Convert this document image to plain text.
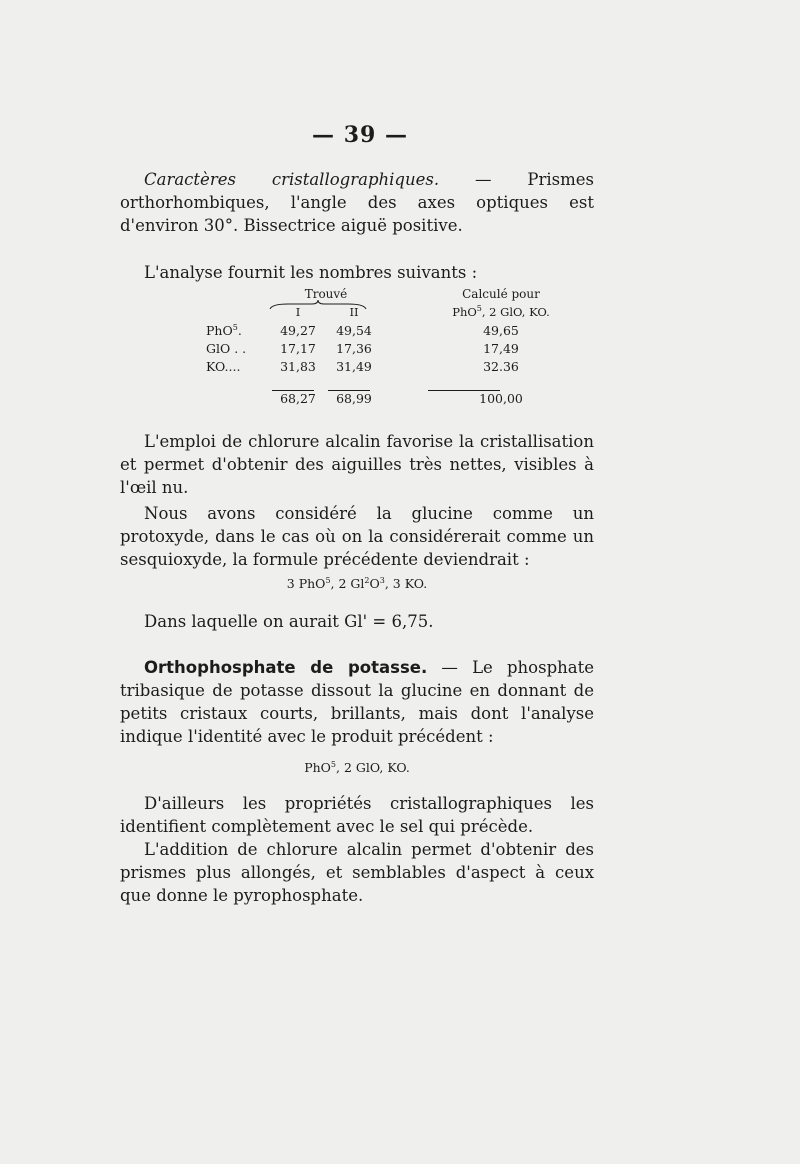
— 39 —

Caractères cristallographiques. — Prismes orthorhombiques, l'angle des axes optiques est d'environ 30°. Bissectrice aiguë positive.

L'analyse fournit les nombres suivants :

	Trouvé			Calculé pour
	I	II		PhO$^5$, 2 GlO, KO.
PhO$^5$.	49,27	49,54		49,65
GlO . .	17,17	17,36		17,49
KO....	31,83	31,49		32.36

	68,27	68,99		100,00

L'emploi de chlorure alcalin favorise la cristallisation et permet d'obtenir des aiguilles très nettes, visibles à l'œil nu.

Nous avons considéré la glucine comme un protoxyde, dans le cas où on la considérerait comme un sesquioxyde, la formule précédente deviendrait :

3 PhO$^5$, 2 $Gl^2O^3$, 3 KO.

Dans laquelle on aurait Gl' = 6,75.

Orthophosphate de potasse. — Le phosphate tribasique de potasse dissout la glucine en donnant de petits cristaux courts, brillants, mais dont l'analyse indique l'identité avec le produit précédent :

PhO$^5$, 2 GlO, KO.

D'ailleurs les propriétés cristallographiques les identifient complètement avec le sel qui précède.

L'addition de chlorure alcalin permet d'obtenir des prismes plus allongés, et semblables d'aspect à ceux que donne le pyrophosphate.
